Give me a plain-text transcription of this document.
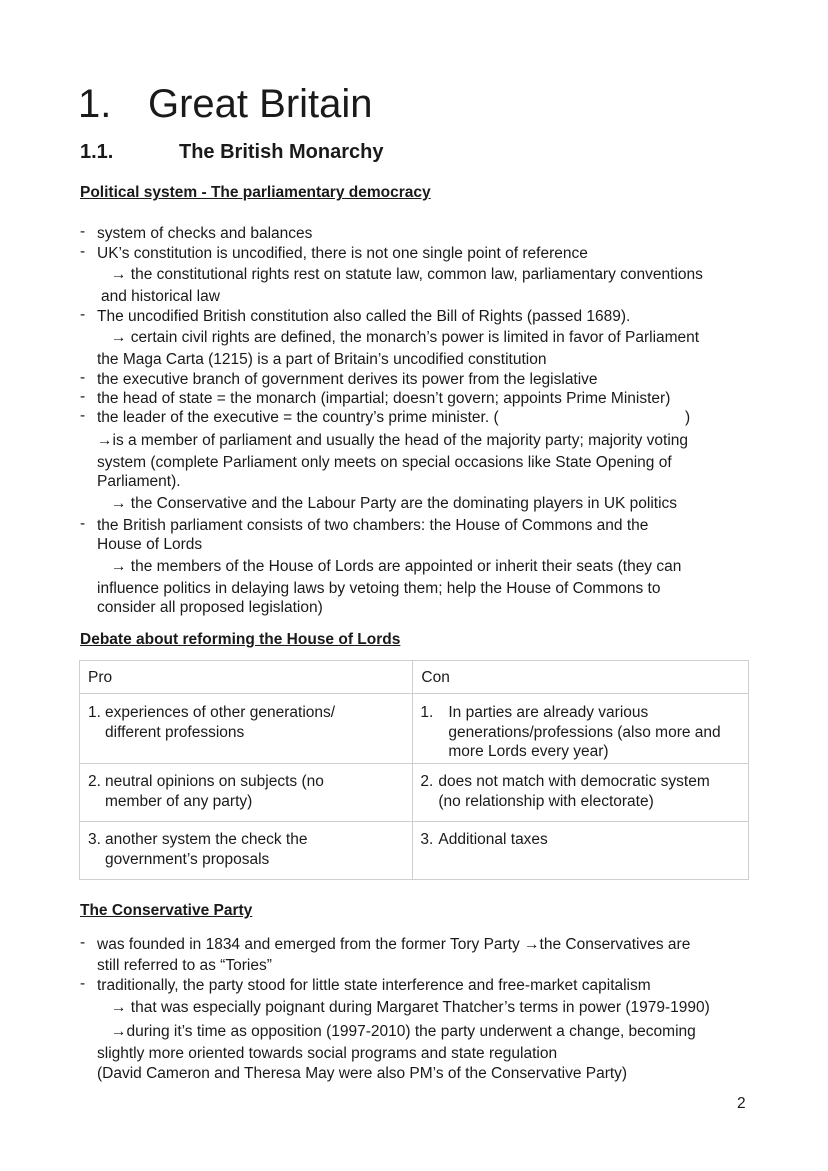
1. Great Britain
1.1.	The British Monarchy
Political system - The parliamentary democracy
- system of checks and balances
- UK’s constitution is uncodified, there is not one single point of reference
→ the constitutional rights rest on statute law, common law, parliamentary conventions
and historical law
- The uncodified British constitution also called the Bill of Rights (passed 1689).
→ certain civil rights are defined, the monarch’s power is limited in favor of Parliament
the Maga Carta (1215) is a part of Britain’s uncodified constitution
- the executive branch of government derives its power from the legislative
- the head of state = the monarch (impartial; doesn’t govern; appoints Prime Minister)
- the leader of the executive = the country’s prime minister. (	)
→is a member of parliament and usually the head of the majority party; majority voting
system (complete Parliament only meets on special occasions like State Opening of
Parliament).
→ the Conservative and the Labour Party are the dominating players in UK politics
- the British parliament consists of two chambers: the House of Commons and the
House of Lords
→ the members of the House of Lords are appointed or inherit their seats (they can
influence politics in delaying laws by vetoing them; help the House of Commons to
consider all proposed legislation)
Debate about reforming the House of Lords
Pro	Con

1. experiences of other generations/
different professions	1. In parties are already various
generations/professions (also more and
more Lords every year)

2. neutral opinions on subjects (no
member of any party)	2. does not match with democratic system
(no relationship with electorate)

3. another system the check the
government’s proposals	3. Additional taxes
The Conservative Party
- was founded in 1834 and emerged from the former Tory Party →the Conservatives are
still referred to as “Tories”
- traditionally, the party stood for little state interference and free-market capitalism
→ that was especially poignant during Margaret Thatcher’s terms in power (1979-1990)
→during it’s time as opposition (1997-2010) the party underwent a change, becoming
slightly more oriented towards social programs and state regulation
(David Cameron and Theresa May were also PM’s of the Conservative Party)
2
